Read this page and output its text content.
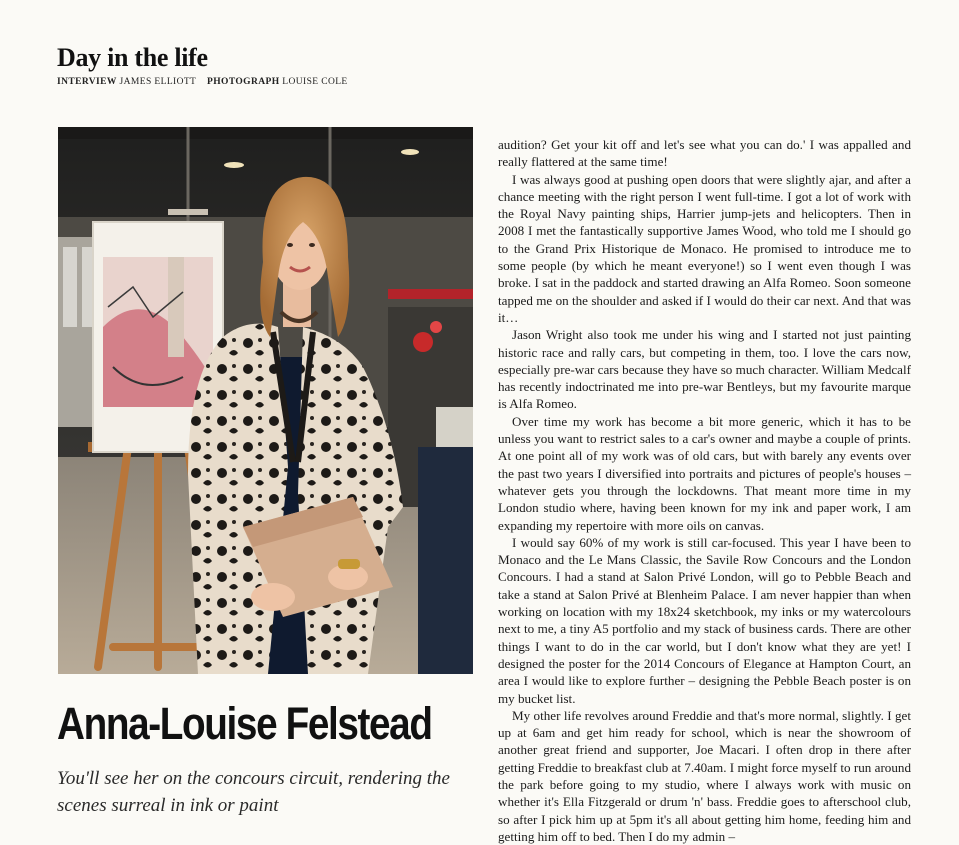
Day in the life
INTERVIEW JAMES ELLIOTT PHOTOGRAPH LOUISE COLE
Anna-Louise Felstead

You'll see her on the concours circuit, rendering the scenes surreal in ink or paint

audition? Get your kit off and let's see what you can do.' I was appalled and really flattered at the same time!

I was always good at pushing open doors that were slightly ajar, and after a chance meeting with the right person I went full-time. I got a lot of work with the Royal Navy painting ships, Harrier jump-jets and helicopters. Then in 2008 I met the fantastically supportive James Wood, who told me I should go to the Grand Prix Historique de Monaco. He promised to introduce me to some people (by which he meant everyone!) so I went even though I was broke. I sat in the paddock and started drawing an Alfa Romeo. Soon someone tapped me on the shoulder and asked if I would do their car next. And that was it…

Jason Wright also took me under his wing and I started not just painting historic race and rally cars, but competing in them, too. I love the cars now, especially pre-war cars because they have so much character. William Medcalf has recently indoctrinated me into pre-war Bentleys, but my favourite marque is Alfa Romeo.

Over time my work has become a bit more generic, which it has to be unless you want to restrict sales to a car's owner and maybe a couple of prints. At one point all of my work was of old cars, but with barely any events over the past two years I diversified into portraits and pictures of people's houses – whatever gets you through the lockdowns. That meant more time in my London studio where, having been known for my ink and paper work, I am expanding my repertoire with more oils on canvas.

I would say 60% of my work is still car-focused. This year I have been to Monaco and the Le Mans Classic, the Savile Row Concours and the London Concours. I had a stand at Salon Privé London, will go to Pebble Beach and take a stand at Salon Privé at Blenheim Palace. I am never happier than when working on location with my 18x24 sketchbook, my inks or my watercolours next to me, a tiny A5 portfolio and my stack of business cards. There are other things I want to do in the car world, but I don't know what they are yet! I designed the poster for the 2014 Concours of Elegance at Hampton Court, an area I would like to explore further – designing the Pebble Beach poster is on my bucket list.

My other life revolves around Freddie and that's more normal, slightly. I get up at 6am and get him ready for school, which is near the showroom of another great friend and supporter, Joe Macari. I often drop in there after getting Freddie to breakfast club at 7.40am. I might force myself to run around the park before going to my studio, where I always work with music on whether it's Ella Fitzgerald or drum 'n' bass. Freddie goes to afterschool club, so after I pick him up at 5pm it's all about getting him home, feeding him and getting him off to bed. Then I do my admin –
